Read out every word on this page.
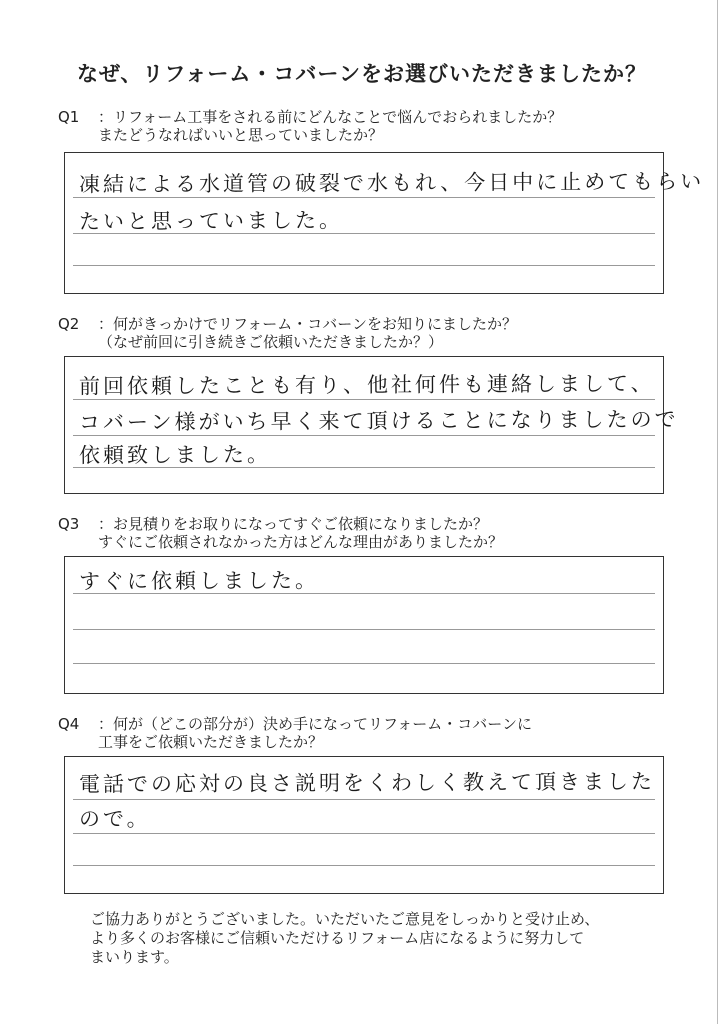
なぜ、リフォーム・コバーンをお選びいただきましたか？
Q1 ：リフォーム工事をされる前にどんなことで悩んでおられましたか？
またどうなればいいと思っていましたか？
凍結による水道管の破裂で水もれ、今日中に止めてもらい
たいと思っていました。
Q2 ：何がきっかけでリフォーム・コバーンをお知りにましたか？
（なぜ前回に引き続きご依頼いただきましたか？）
前回依頼したことも有り、他社何件も連絡しまして、
コバーン様がいち早く来て頂けることになりましたので
依頼致しました。
Q3 ：お見積りをお取りになってすぐご依頼になりましたか？
すぐにご依頼されなかった方はどんな理由がありましたか？
すぐに依頼しました。
Q4 ：何が（どこの部分が）決め手になってリフォーム・コバーンに
工事をご依頼いただきましたか？
電話での応対の良さ説明をくわしく教えて頂きました
ので。
ご協力ありがとうございました。いただいたご意見をしっかりと受け止め、
より多くのお客様にご信頼いただけるリフォーム店になるように努力して
まいります。
